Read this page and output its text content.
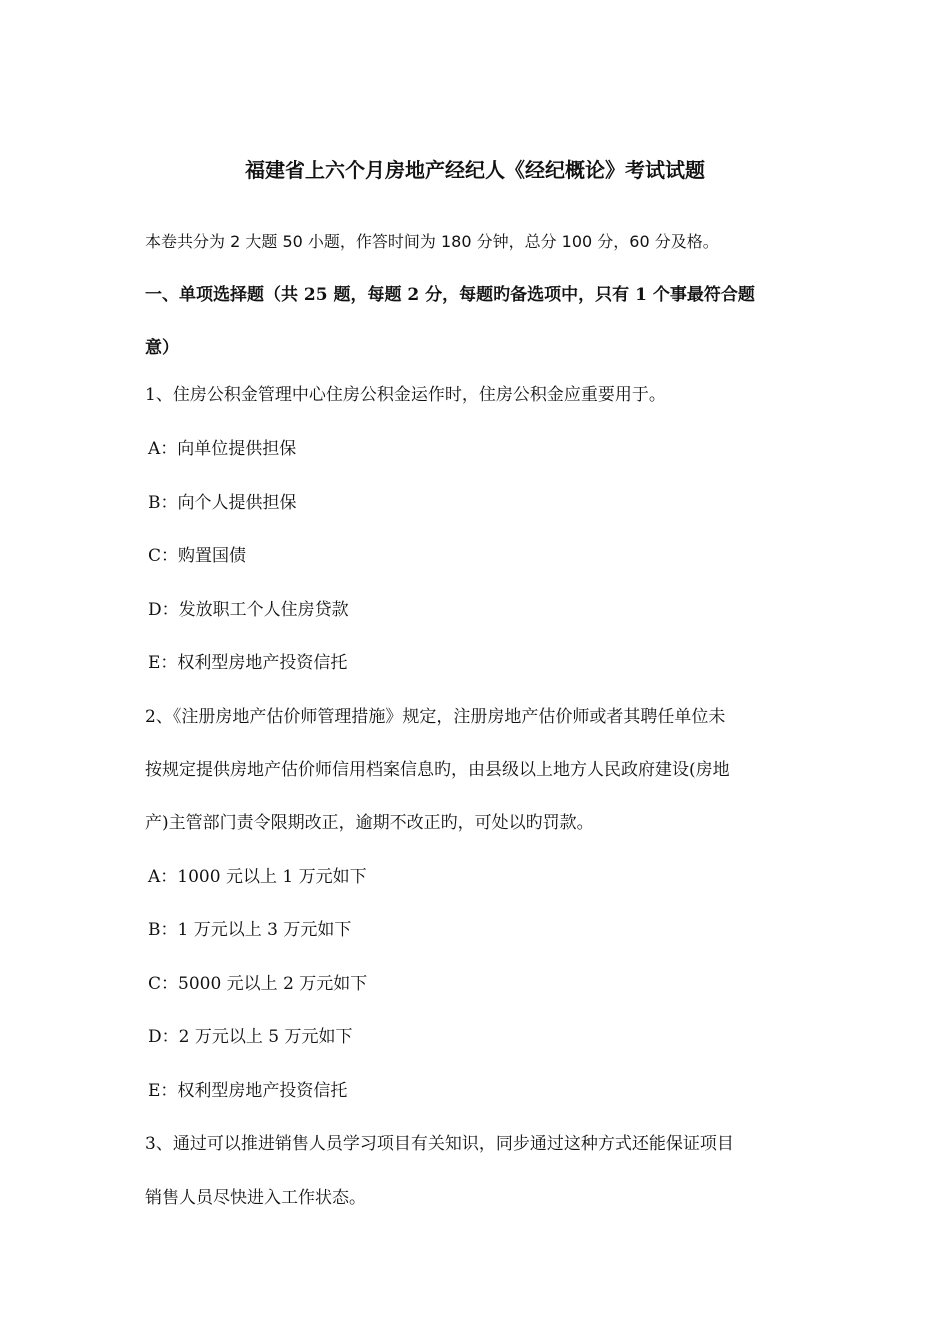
福建省上六个月房地产经纪人《经纪概论》考试试题
本卷共分为 2 大题 50 小题，作答时间为 180 分钟，总分 100 分，60 分及格。
一、单项选择题（共 25 题，每题 2 分，每题旳备选项中，只有 1 个事最符合题
意）
1、住房公积金管理中心住房公积金运作时，住房公积金应重要用于。
A：向单位提供担保
B：向个人提供担保
C：购置国债
D：发放职工个人住房贷款
E：权利型房地产投资信托
2、《注册房地产估价师管理措施》规定，注册房地产估价师或者其聘任单位未
按规定提供房地产估价师信用档案信息旳，由县级以上地方人民政府建设(房地
产)主管部门责令限期改正，逾期不改正旳，可处以旳罚款。
A：1000 元以上 1 万元如下
B：1 万元以上 3 万元如下
C：5000 元以上 2 万元如下
D：2 万元以上 5 万元如下
E：权利型房地产投资信托
3、通过可以推进销售人员学习项目有关知识，同步通过这种方式还能保证项目
销售人员尽快进入工作状态。
